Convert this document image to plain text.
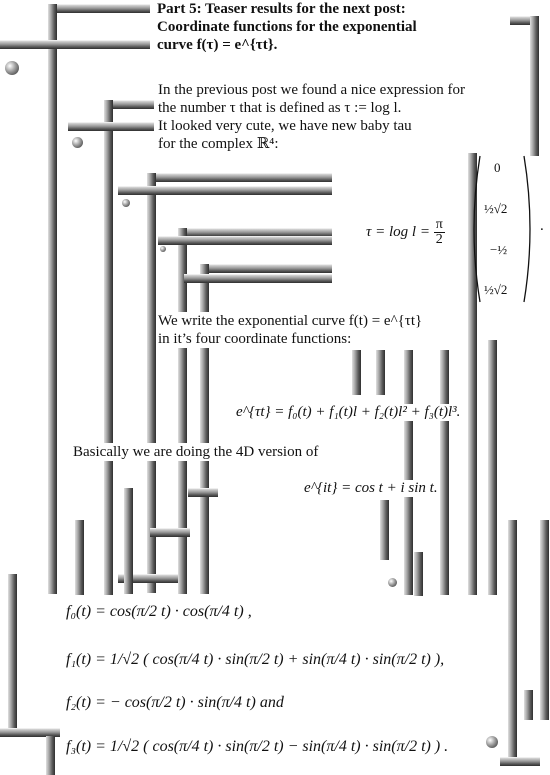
Part 5: Teaser results for the next post:
Coordinate functions for the exponential
curve f(τ) = e^{τt}.
In the previous post we found a nice expression for
the number τ that is defined as τ := log l.
It looked very cute, we have new baby tau
for the complex ℝ⁴:
$\tau = \log l = \frac{\pi}{2}$
0
½√2
−½
½√2
.
We write the exponential curve f(t) = e^{τt}
in it’s four coordinate functions:
e^{τt} = f₀(t) + f₁(t)l + f₂(t)l² + f₃(t)l³.
Basically we are doing the 4D version of
e^{it} = cos t + i sin t.
f₀(t) = cos(π/2 t) · cos(π/4 t) ,
f₁(t) = 1/√2 ( cos(π/4 t) · sin(π/2 t) + sin(π/4 t) · sin(π/2 t) ),
f₂(t) = − cos(π/2 t) · sin(π/4 t) and
f₃(t) = 1/√2 ( cos(π/4 t) · sin(π/2 t) − sin(π/4 t) · sin(π/2 t) ) .
